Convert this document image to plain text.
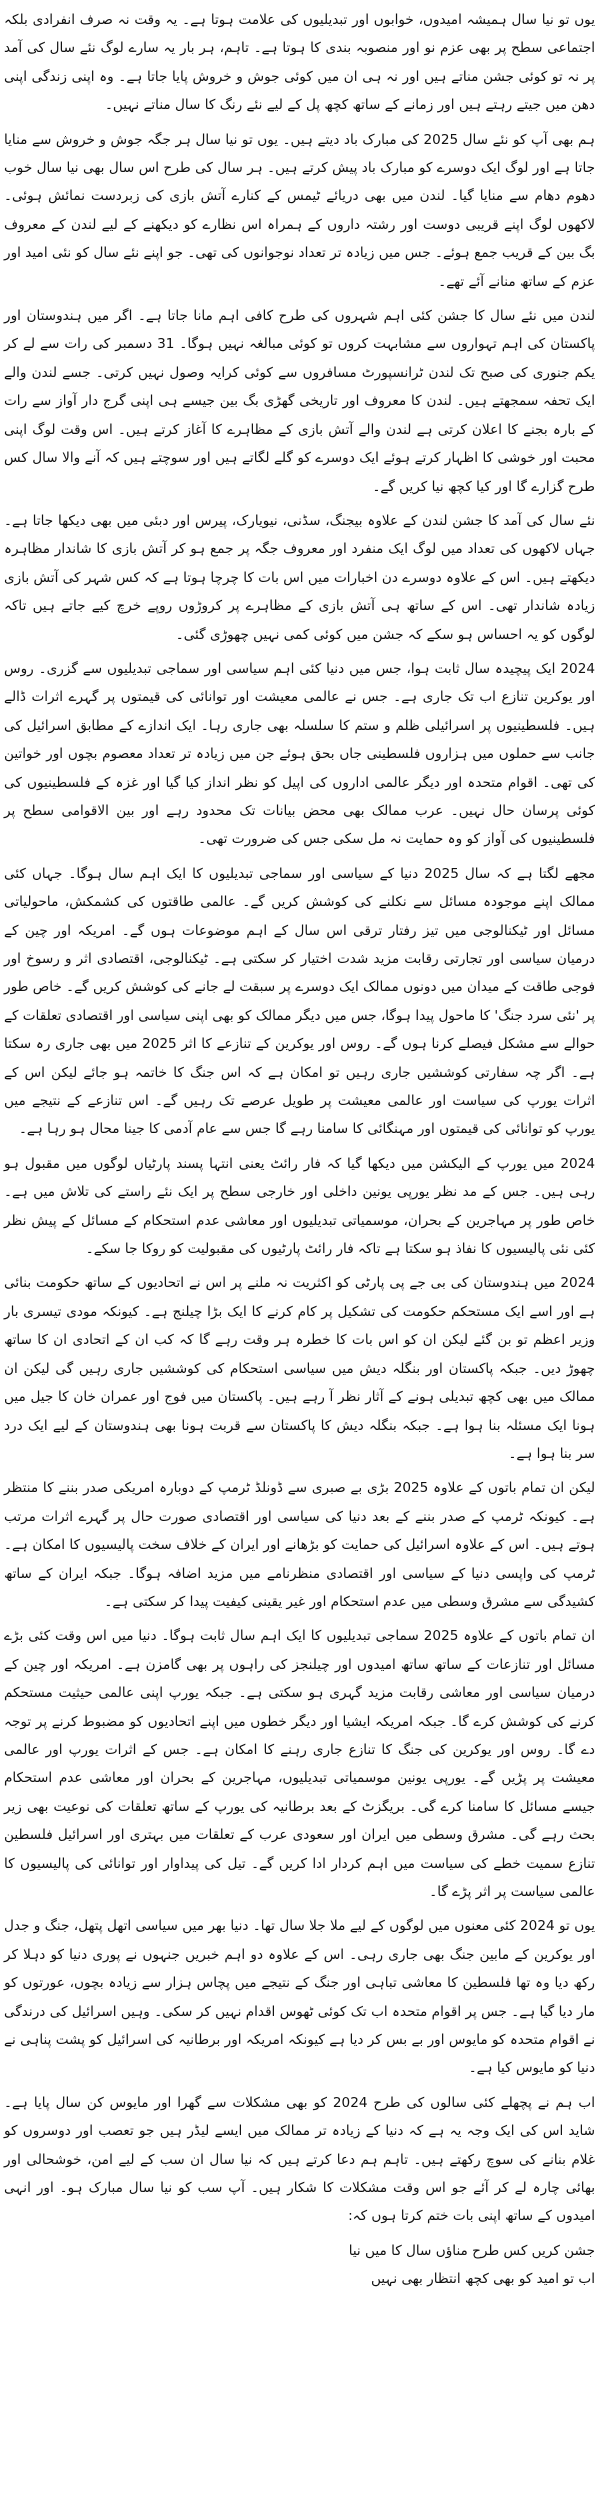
یوں تو نیا سال ہمیشہ امیدوں، خوابوں اور تبدیلیوں کی علامت ہوتا ہے۔ یہ وقت نہ صرف انفرادی بلکہ اجتماعی سطح پر بھی عزم نو اور منصوبہ بندی کا ہوتا ہے۔ تاہم، ہر بار یہ سارے لوگ نئے سال کی آمد پر نہ تو کوئی جشن مناتے ہیں اور نہ ہی ان میں کوئی جوش و خروش پایا جاتا ہے۔ وہ اپنی زندگی اپنی دھن میں جیتے رہتے ہیں اور زمانے کے ساتھ کچھ پل کے لیے نئے رنگ کا سال مناتے نہیں۔

ہم بھی آپ کو نئے سال 2025 کی مبارک باد دیتے ہیں۔ یوں تو نیا سال ہر جگہ جوش و خروش سے منایا جاتا ہے اور لوگ ایک دوسرے کو مبارک باد پیش کرتے ہیں۔ ہر سال کی طرح اس سال بھی نیا سال خوب دھوم دھام سے منایا گیا۔ لندن میں بھی دریائے ٹیمس کے کنارے آتش بازی کی زبردست نمائش ہوئی۔ لاکھوں لوگ اپنے قریبی دوست اور رشتہ داروں کے ہمراہ اس نظارے کو دیکھنے کے لیے لندن کے معروف بگ بین کے قریب جمع ہوئے۔ جس میں زیادہ تر تعداد نوجوانوں کی تھی۔ جو اپنے نئے سال کو نئی امید اور عزم کے ساتھ منانے آئے تھے۔

لندن میں نئے سال کا جشن کئی اہم شہروں کی طرح کافی اہم مانا جاتا ہے۔ اگر میں ہندوستان اور پاکستان کی اہم تہواروں سے مشابہت کروں تو کوئی مبالغہ نہیں ہوگا۔ 31 دسمبر کی رات سے لے کر یکم جنوری کی صبح تک لندن ٹرانسپورٹ مسافروں سے کوئی کرایہ وصول نہیں کرتی۔ جسے لندن والے ایک تحفہ سمجھتے ہیں۔ لندن کا معروف اور تاریخی گھڑی بگ بین جیسے ہی اپنی گرج دار آواز سے رات کے بارہ بجنے کا اعلان کرتی ہے لندن والے آتش بازی کے مظاہرے کا آغاز کرتے ہیں۔ اس وقت لوگ اپنی محبت اور خوشی کا اظہار کرتے ہوئے ایک دوسرے کو گلے لگاتے ہیں اور سوچتے ہیں کہ آنے والا سال کس طرح گزارے گا اور کیا کچھ نیا کریں گے۔

نئے سال کی آمد کا جشن لندن کے علاوہ بیجنگ، سڈنی، نیویارک، پیرس اور دبئی میں بھی دیکھا جاتا ہے۔ جہاں لاکھوں کی تعداد میں لوگ ایک منفرد اور معروف جگہ پر جمع ہو کر آتش بازی کا شاندار مظاہرہ دیکھتے ہیں۔ اس کے علاوہ دوسرے دن اخبارات میں اس بات کا چرچا ہوتا ہے کہ کس شہر کی آتش بازی زیادہ شاندار تھی۔ اس کے ساتھ ہی آتش بازی کے مظاہرے پر کروڑوں روپے خرچ کیے جاتے ہیں تاکہ لوگوں کو یہ احساس ہو سکے کہ جشن میں کوئی کمی نہیں چھوڑی گئی۔

2024 ایک پیچیدہ سال ثابت ہوا، جس میں دنیا کئی اہم سیاسی اور سماجی تبدیلیوں سے گزری۔ روس اور یوکرین تنازع اب تک جاری ہے۔ جس نے عالمی معیشت اور توانائی کی قیمتوں پر گہرے اثرات ڈالے ہیں۔ فلسطینیوں پر اسرائیلی ظلم و ستم کا سلسلہ بھی جاری رہا۔ ایک اندازے کے مطابق اسرائیل کی جانب سے حملوں میں ہزاروں فلسطینی جاں بحق ہوئے جن میں زیادہ تر تعداد معصوم بچوں اور خواتین کی تھی۔ اقوام متحدہ اور دیگر عالمی اداروں کی اپیل کو نظر انداز کیا گیا اور غزہ کے فلسطینیوں کی کوئی پرسان حال نہیں۔ عرب ممالک بھی محض بیانات تک محدود رہے اور بین الاقوامی سطح پر فلسطینیوں کی آواز کو وہ حمایت نہ مل سکی جس کی ضرورت تھی۔

مجھے لگتا ہے کہ سال 2025 دنیا کے سیاسی اور سماجی تبدیلیوں کا ایک اہم سال ہوگا۔ جہاں کئی ممالک اپنے موجودہ مسائل سے نکلنے کی کوشش کریں گے۔ عالمی طاقتوں کی کشمکش، ماحولیاتی مسائل اور ٹیکنالوجی میں تیز رفتار ترقی اس سال کے اہم موضوعات ہوں گے۔ امریکہ اور چین کے درمیان سیاسی اور تجارتی رقابت مزید شدت اختیار کر سکتی ہے۔ ٹیکنالوجی، اقتصادی اثر و رسوخ اور فوجی طاقت کے میدان میں دونوں ممالک ایک دوسرے پر سبقت لے جانے کی کوشش کریں گے۔ خاص طور پر 'نئی سرد جنگ' کا ماحول پیدا ہوگا، جس میں دیگر ممالک کو بھی اپنی سیاسی اور اقتصادی تعلقات کے حوالے سے مشکل فیصلے کرنا ہوں گے۔ روس اور یوکرین کے تنازعے کا اثر 2025 میں بھی جاری رہ سکتا ہے۔ اگر چہ سفارتی کوششیں جاری رہیں تو امکان ہے کہ اس جنگ کا خاتمہ ہو جائے لیکن اس کے اثرات یورپ کی سیاست اور عالمی معیشت پر طویل عرصے تک رہیں گے۔ اس تنازعے کے نتیجے میں یورپ کو توانائی کی قیمتوں اور مہنگائی کا سامنا رہے گا جس سے عام آدمی کا جینا محال ہو رہا ہے۔

2024 میں یورپ کے الیکشن میں دیکھا گیا کہ فار رائٹ یعنی انتہا پسند پارٹیاں لوگوں میں مقبول ہو رہی ہیں۔ جس کے مد نظر یورپی یونین داخلی اور خارجی سطح پر ایک نئے راستے کی تلاش میں ہے۔ خاص طور پر مہاجرین کے بحران، موسمیاتی تبدیلیوں اور معاشی عدم استحکام کے مسائل کے پیش نظر کئی نئی پالیسیوں کا نفاذ ہو سکتا ہے تاکہ فار رائٹ پارٹیوں کی مقبولیت کو روکا جا سکے۔

2024 میں ہندوستان کی بی جے پی پارٹی کو اکثریت نہ ملنے پر اس نے اتحادیوں کے ساتھ حکومت بنائی ہے اور اسے ایک مستحکم حکومت کی تشکیل پر کام کرنے کا ایک بڑا چیلنج ہے۔ کیونکہ مودی تیسری بار وزیر اعظم تو بن گئے لیکن ان کو اس بات کا خطرہ ہر وقت رہے گا کہ کب ان کے اتحادی ان کا ساتھ چھوڑ دیں۔ جبکہ پاکستان اور بنگلہ دیش میں سیاسی استحکام کی کوششیں جاری رہیں گی لیکن ان ممالک میں بھی کچھ تبدیلی ہونے کے آثار نظر آ رہے ہیں۔ پاکستان میں فوج اور عمران خان کا جیل میں ہونا ایک مسئلہ بنا ہوا ہے۔ جبکہ بنگلہ دیش کا پاکستان سے قربت ہونا بھی ہندوستان کے لیے ایک درد سر بنا ہوا ہے۔

لیکن ان تمام باتوں کے علاوہ 2025 بڑی بے صبری سے ڈونلڈ ٹرمپ کے دوبارہ امریکی صدر بننے کا منتظر ہے۔ کیونکہ ٹرمپ کے صدر بننے کے بعد دنیا کی سیاسی اور اقتصادی صورت حال پر گہرے اثرات مرتب ہوتے ہیں۔ اس کے علاوہ اسرائیل کی حمایت کو بڑھانے اور ایران کے خلاف سخت پالیسیوں کا امکان ہے۔ ٹرمپ کی واپسی دنیا کے سیاسی اور اقتصادی منظرنامے میں مزید اضافہ ہوگا۔ جبکہ ایران کے ساتھ کشیدگی سے مشرق وسطی میں عدم استحکام اور غیر یقینی کیفیت پیدا کر سکتی ہے۔

ان تمام باتوں کے علاوہ 2025 سماجی تبدیلیوں کا ایک اہم سال ثابت ہوگا۔ دنیا میں اس وقت کئی بڑے مسائل اور تنازعات کے ساتھ ساتھ امیدوں اور چیلنجز کی راہوں پر بھی گامزن ہے۔ امریکہ اور چین کے درمیان سیاسی اور معاشی رقابت مزید گہری ہو سکتی ہے۔ جبکہ یورپ اپنی عالمی حیثیت مستحکم کرنے کی کوشش کرے گا۔ جبکہ امریکہ ایشیا اور دیگر خطوں میں اپنے اتحادیوں کو مضبوط کرنے پر توجہ دے گا۔ روس اور یوکرین کی جنگ کا تنازع جاری رہنے کا امکان ہے۔ جس کے اثرات یورپ اور عالمی معیشت پر پڑیں گے۔ یورپی یونین موسمیاتی تبدیلیوں، مہاجرین کے بحران اور معاشی عدم استحکام جیسے مسائل کا سامنا کرے گی۔ بریگزٹ کے بعد برطانیہ کی یورپ کے ساتھ تعلقات کی نوعیت بھی زیر بحث رہے گی۔ مشرق وسطی میں ایران اور سعودی عرب کے تعلقات میں بہتری اور اسرائیل فلسطین تنازع سمیت خطے کی سیاست میں اہم کردار ادا کریں گے۔ تیل کی پیداوار اور توانائی کی پالیسیوں کا عالمی سیاست پر اثر پڑے گا۔

یوں تو 2024 کئی معنوں میں لوگوں کے لیے ملا جلا سال تھا۔ دنیا بھر میں سیاسی اتھل پتھل، جنگ و جدل اور یوکرین کے مابین جنگ بھی جاری رہی۔ اس کے علاوہ دو اہم خبریں جنہوں نے پوری دنیا کو دہلا کر رکھ دیا وہ تھا فلسطین کا معاشی تباہی اور جنگ کے نتیجے میں پچاس ہزار سے زیادہ بچوں، عورتوں کو مار دیا گیا ہے۔ جس پر اقوام متحدہ اب تک کوئی ٹھوس اقدام نہیں کر سکی۔ وہیں اسرائیل کی درندگی نے اقوام متحدہ کو مایوس اور بے بس کر دیا ہے کیونکہ امریکہ اور برطانیہ کی اسرائیل کو پشت پناہی نے دنیا کو مایوس کیا ہے۔

اب ہم نے پچھلے کئی سالوں کی طرح 2024 کو بھی مشکلات سے گھرا اور مایوس کن سال پایا ہے۔ شاید اس کی ایک وجہ یہ ہے کہ دنیا کے زیادہ تر ممالک میں ایسے لیڈر ہیں جو تعصب اور دوسروں کو غلام بنانے کی سوچ رکھتے ہیں۔ تاہم ہم دعا کرتے ہیں کہ نیا سال ان سب کے لیے امن، خوشحالی اور بھائی چارہ لے کر آئے جو اس وقت مشکلات کا شکار ہیں۔ آپ سب کو نیا سال مبارک ہو۔ اور انہی امیدوں کے ساتھ اپنی بات ختم کرتا ہوں کہ:

جشن کریں کس طرح مناؤں سال کا میں نیا

اب تو امید کو بھی کچھ انتظار بھی نہیں
